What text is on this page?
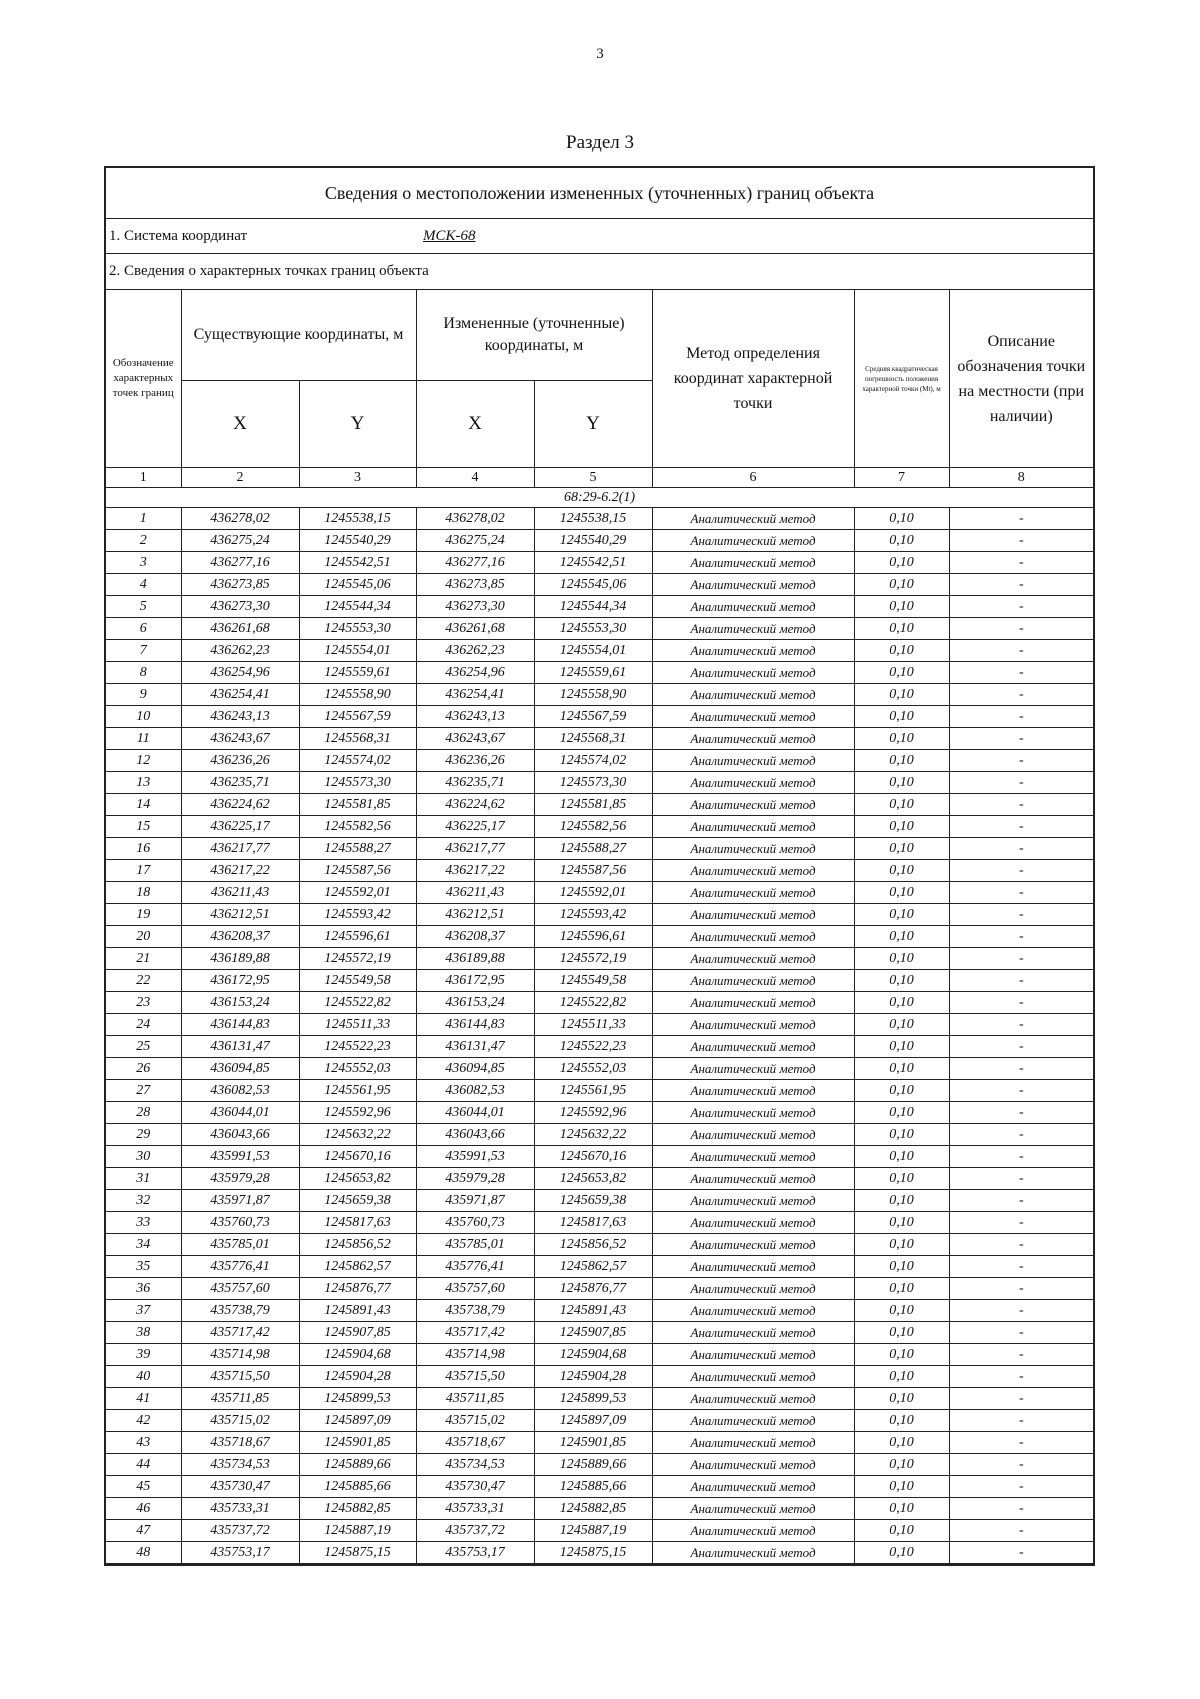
3
Раздел 3
Сведения о местоположении измененных (уточненных) границ объекта
1. Система координат	МСК-68
2. Сведения о характерных точках границ объекта
Обозначение характерных точек границ	Существующие координаты, м		Измененные (уточненные) координаты, м		Метод определения координат характерной точки	Средняя квадратическая погрешность положения характерной точки (Mt), м	Описание обозначения точки на местности (при наличии)
	X	Y	X	Y			
1	2	3	4	5	6	7	8
68:29-6.2(1)							
1	436278,02	1245538,15	436278,02	1245538,15	Аналитический метод	0,10	-
2	436275,24	1245540,29	436275,24	1245540,29	Аналитический метод	0,10	-
3	436277,16	1245542,51	436277,16	1245542,51	Аналитический метод	0,10	-
4	436273,85	1245545,06	436273,85	1245545,06	Аналитический метод	0,10	-
5	436273,30	1245544,34	436273,30	1245544,34	Аналитический метод	0,10	-
6	436261,68	1245553,30	436261,68	1245553,30	Аналитический метод	0,10	-
7	436262,23	1245554,01	436262,23	1245554,01	Аналитический метод	0,10	-
8	436254,96	1245559,61	436254,96	1245559,61	Аналитический метод	0,10	-
9	436254,41	1245558,90	436254,41	1245558,90	Аналитический метод	0,10	-
10	436243,13	1245567,59	436243,13	1245567,59	Аналитический метод	0,10	-
11	436243,67	1245568,31	436243,67	1245568,31	Аналитический метод	0,10	-
12	436236,26	1245574,02	436236,26	1245574,02	Аналитический метод	0,10	-
13	436235,71	1245573,30	436235,71	1245573,30	Аналитический метод	0,10	-
14	436224,62	1245581,85	436224,62	1245581,85	Аналитический метод	0,10	-
15	436225,17	1245582,56	436225,17	1245582,56	Аналитический метод	0,10	-
16	436217,77	1245588,27	436217,77	1245588,27	Аналитический метод	0,10	-
17	436217,22	1245587,56	436217,22	1245587,56	Аналитический метод	0,10	-
18	436211,43	1245592,01	436211,43	1245592,01	Аналитический метод	0,10	-
19	436212,51	1245593,42	436212,51	1245593,42	Аналитический метод	0,10	-
20	436208,37	1245596,61	436208,37	1245596,61	Аналитический метод	0,10	-
21	436189,88	1245572,19	436189,88	1245572,19	Аналитический метод	0,10	-
22	436172,95	1245549,58	436172,95	1245549,58	Аналитический метод	0,10	-
23	436153,24	1245522,82	436153,24	1245522,82	Аналитический метод	0,10	-
24	436144,83	1245511,33	436144,83	1245511,33	Аналитический метод	0,10	-
25	436131,47	1245522,23	436131,47	1245522,23	Аналитический метод	0,10	-
26	436094,85	1245552,03	436094,85	1245552,03	Аналитический метод	0,10	-
27	436082,53	1245561,95	436082,53	1245561,95	Аналитический метод	0,10	-
28	436044,01	1245592,96	436044,01	1245592,96	Аналитический метод	0,10	-
29	436043,66	1245632,22	436043,66	1245632,22	Аналитический метод	0,10	-
30	435991,53	1245670,16	435991,53	1245670,16	Аналитический метод	0,10	-
31	435979,28	1245653,82	435979,28	1245653,82	Аналитический метод	0,10	-
32	435971,87	1245659,38	435971,87	1245659,38	Аналитический метод	0,10	-
33	435760,73	1245817,63	435760,73	1245817,63	Аналитический метод	0,10	-
34	435785,01	1245856,52	435785,01	1245856,52	Аналитический метод	0,10	-
35	435776,41	1245862,57	435776,41	1245862,57	Аналитический метод	0,10	-
36	435757,60	1245876,77	435757,60	1245876,77	Аналитический метод	0,10	-
37	435738,79	1245891,43	435738,79	1245891,43	Аналитический метод	0,10	-
38	435717,42	1245907,85	435717,42	1245907,85	Аналитический метод	0,10	-
39	435714,98	1245904,68	435714,98	1245904,68	Аналитический метод	0,10	-
40	435715,50	1245904,28	435715,50	1245904,28	Аналитический метод	0,10	-
41	435711,85	1245899,53	435711,85	1245899,53	Аналитический метод	0,10	-
42	435715,02	1245897,09	435715,02	1245897,09	Аналитический метод	0,10	-
43	435718,67	1245901,85	435718,67	1245901,85	Аналитический метод	0,10	-
44	435734,53	1245889,66	435734,53	1245889,66	Аналитический метод	0,10	-
45	435730,47	1245885,66	435730,47	1245885,66	Аналитический метод	0,10	-
46	435733,31	1245882,85	435733,31	1245882,85	Аналитический метод	0,10	-
47	435737,72	1245887,19	435737,72	1245887,19	Аналитический метод	0,10	-
48	435753,17	1245875,15	435753,17	1245875,15	Аналитический метод	0,10	-
